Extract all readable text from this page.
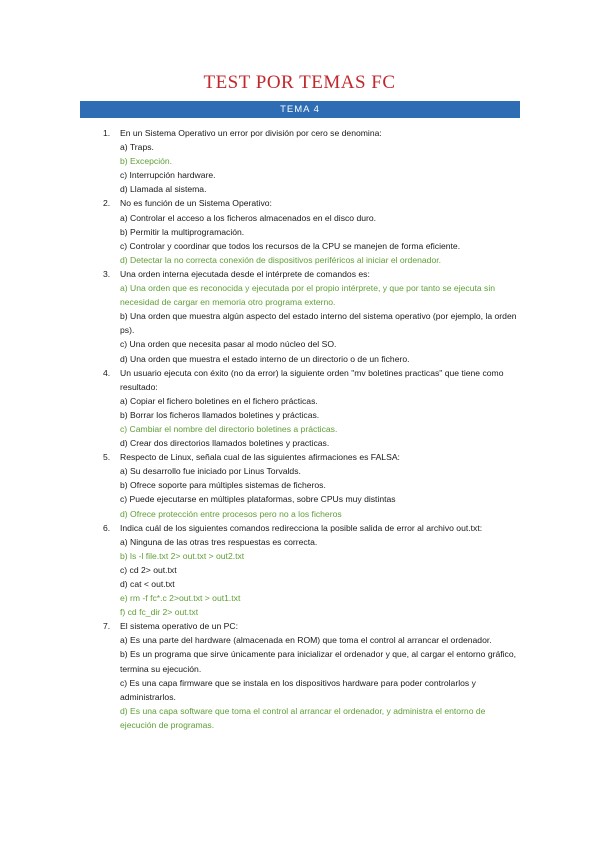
TEST POR TEMAS FC
TEMA 4
1. En un Sistema Operativo un error por división por cero se denomina:
a) Traps.
b) Excepción.
c) Interrupción hardware.
d) Llamada al sistema.
2. No es función de un Sistema Operativo:
a) Controlar el acceso a los ficheros almacenados en el disco duro.
b) Permitir la multiprogramación.
c) Controlar y coordinar que todos los recursos de la CPU se manejen de forma eficiente.
d) Detectar la no correcta conexión de dispositivos periféricos al iniciar el ordenador.
3. Una orden interna ejecutada desde el intérprete de comandos es:
a) Una orden que es reconocida y ejecutada por el propio intérprete, y que por tanto se ejecuta sin necesidad de cargar en memoria otro programa externo.
b) Una orden que muestra algún aspecto del estado interno del sistema operativo (por ejemplo, la orden ps).
c) Una orden que necesita pasar al modo núcleo del SO.
d) Una orden que muestra el estado interno de un directorio o de un fichero.
4. Un usuario ejecuta con éxito (no da error) la siguiente orden "mv boletines practicas" que tiene como resultado:
a) Copiar el fichero boletines en el fichero prácticas.
b) Borrar los ficheros llamados boletines y prácticas.
c) Cambiar el nombre del directorio boletines a prácticas.
d) Crear dos directorios llamados boletines y practicas.
5. Respecto de Linux, señala cual de las siguientes afirmaciones es FALSA:
a) Su desarrollo fue iniciado por Linus Torvalds.
b) Ofrece soporte para múltiples sistemas de ficheros.
c) Puede ejecutarse en múltiples plataformas, sobre CPUs muy distintas
d) Ofrece protección entre procesos pero no a los ficheros
6. Indica cuál de los siguientes comandos redirecciona la posible salida de error al archivo out.txt:
a) Ninguna de las otras tres respuestas es correcta.
b) ls -l file.txt 2> out.txt > out2.txt
c) cd 2> out.txt
d) cat < out.txt
e) rm -f fc*.c 2>out.txt > out1.txt
f) cd fc_dir 2> out.txt
7. El sistema operativo de un PC:
a) Es una parte del hardware (almacenada en ROM) que toma el control al arrancar el ordenador.
b) Es un programa que sirve únicamente para inicializar el ordenador y que, al cargar el entorno gráfico, termina su ejecución.
c) Es una capa firmware que se instala en los dispositivos hardware para poder controlarlos y administrarlos.
d) Es una capa software que toma el control al arrancar el ordenador, y administra el entorno de ejecución de programas.
